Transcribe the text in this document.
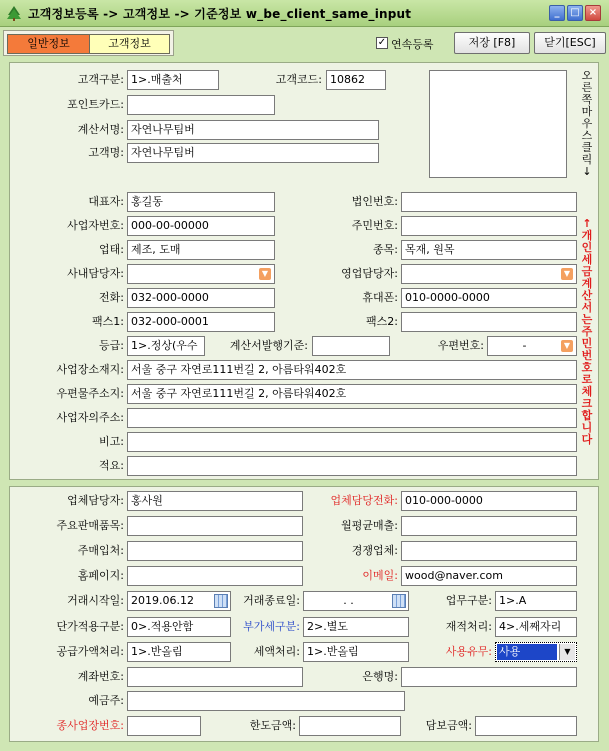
고객정보등록 -> 고객정보 -> 기준정보 w_be_client_same_input	_	□ ×
일반정보	고객정보	✓ 연속등록	저장 [F8]	닫기[ESC]
오른쪽마우스클릭↓
↑개인세금계산서는주민번호로체크합니다
고객구분: 1>.매출처	고객코드: 10862
포인트카드:
계산서명: 자연나무팀버
고객명: 자연나무팀버
대표자: 홍길동	법인번호:
사업자번호: 000-00-00000	주민번호:
업태: 제조, 도매	종목: 목재, 원목
사내담당자:	▼	영업담당자:	▼
전화: 032-000-0000	휴대폰: 010-0000-0000
팩스1: 032-000-0001	팩스2:
등급: 1>.정상(우수	계산서발행기준:	우편번호:	-	▼
사업장소재지: 서울 중구 자연로111번길 2, 아름타워402호
우편물주소지: 서울 중구 자연로111번길 2, 아름타워402호
사업자의주소:
비고:
적요:
업체담당자: 홍사원	업체담당전화: 010-000-0000
주요판매품목:	월평균매출:
주매입처:	경쟁업체:
홈페이지:	이메일: wood@naver.com
거래시작일: 2019.06.12	거래종료일:	. .	업무구분: 1>.A
단가적용구분: 0>.적용안함	부가세구분: 2>.별도	재적처리: 4>.세째자리
공급가액처리: 1>.반올림	세액처리: 1>.반올림	사용유무: 사용	▼
계좌번호:	은행명:
예금주:
종사업장번호:	한도금액:	담보금액:
